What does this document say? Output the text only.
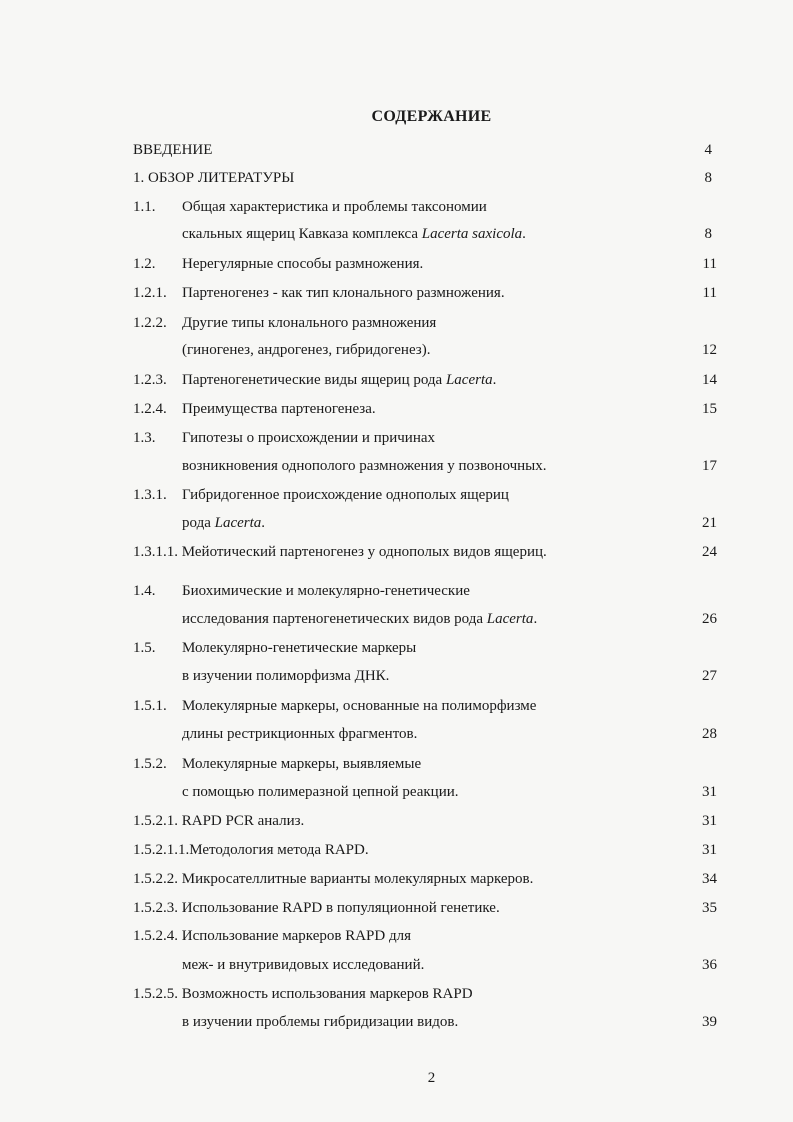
СОДЕРЖАНИЕ
ВВЕДЕНИЕ	4
1. ОБЗОР ЛИТЕРАТУРЫ	8
1.1. Общая характеристика и проблемы таксономии
скальных ящериц Кавказа комплекса Lacerta saxicola.	8
1.2. Нерегулярные способы размножения.	11
1.2.1. Партеногенез - как тип клонального размножения.	11
1.2.2. Другие типы клонального размножения
(гиногенез, андрогенез, гибридогенез).	12
1.2.3. Партеногенетические виды ящериц рода Lacerta.	14
1.2.4. Преимущества партеногенеза.	15
1.3. Гипотезы о происхождении и причинах
возникновения однополого размножения у позвоночных.	17
1.3.1. Гибридогенное происхождение однополых ящериц
рода Lacerta.	21
1.3.1.1. Мейотический партеногенез у однополых видов ящериц.	24
1.4. Биохимические и молекулярно-генетические
исследования партеногенетических видов рода Lacerta.	26
1.5. Молекулярно-генетические маркеры
в изучении полиморфизма ДНК.	27
1.5.1. Молекулярные маркеры, основанные на полиморфизме
длины рестрикционных фрагментов.	28
1.5.2. Молекулярные маркеры, выявляемые
с помощью полимеразной цепной реакции.	31
1.5.2.1. RAPD PCR анализ.	31
1.5.2.1.1.Методология метода RAPD.	31
1.5.2.2. Микросателлитные варианты молекулярных маркеров.	34
1.5.2.3. Использование RAPD в популяционной генетике.	35
1.5.2.4. Использование маркеров RAPD для
меж- и внутривидовых исследований.	36
1.5.2.5. Возможность использования маркеров RAPD
в изучении проблемы гибридизации видов.	39
2
